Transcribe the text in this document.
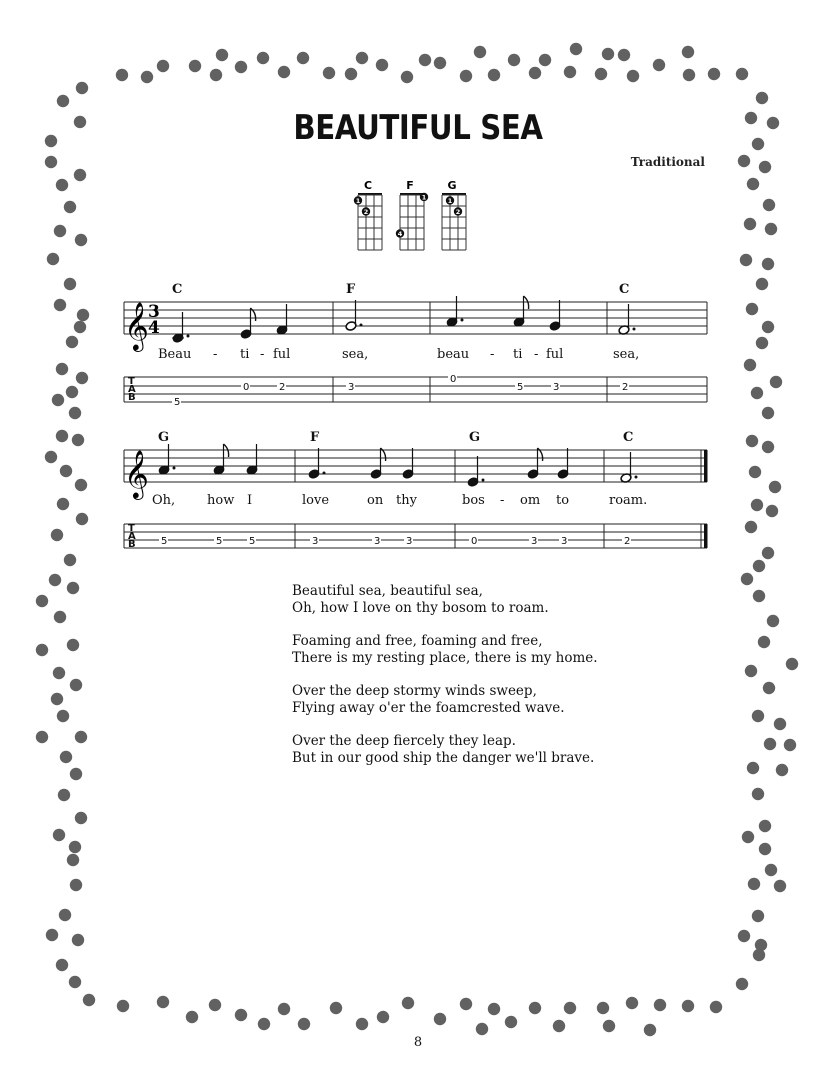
BEAUTIFUL SEA
Traditional
C	F	G
1
2
1
4
1
2
𝄞 3
4
C	F	C
Beau - ti - ful	sea,	beau - ti - ful	sea,
T
A
B	5
0	2	3
0
5	3	2
𝄞
G	F	G	C
Oh, how I	love	on thy	bos - om to	roam.
T
A
B	5	5	5	3	3	3	0	3 3	2
Beautiful sea, beautiful sea,
Oh, how I love on thy bosom to roam.
Foaming and free, foaming and free,
There is my resting place, there is my home.
Over the deep stormy winds sweep,
Flying away o'er the foamcrested wave.
Over the deep fiercely they leap.
But in our good ship the danger we'll brave.
8
